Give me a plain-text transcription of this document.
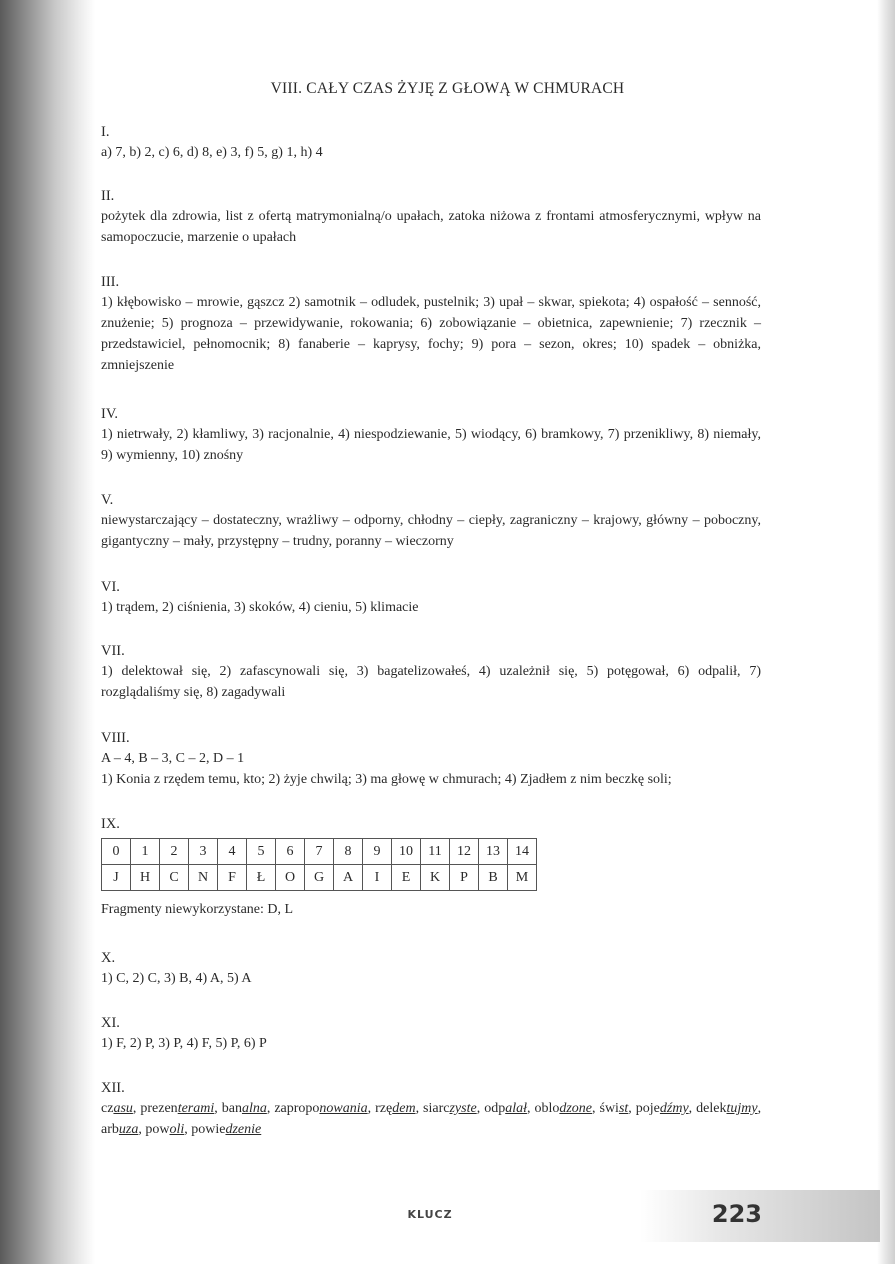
VIII. CAŁY CZAS ŻYJĘ Z GŁOWĄ W CHMURACH
I.

a) 7, b) 2, c) 6, d) 8, e) 3, f) 5, g) 1, h) 4

II.

pożytek dla zdrowia, list z ofertą matrymonialną/o upałach, zatoka niżowa z frontami atmosferycznymi, wpływ na samopoczucie, marzenie o upałach

III.

1) kłębowisko – mrowie, gąszcz 2) samotnik – odludek, pustelnik; 3) upał – skwar, spiekota; 4) ospałość – senność, znużenie; 5) prognoza – przewidywanie, rokowania; 6) zobowiązanie – obietnica, zapewnienie; 7) rzecznik – przedstawiciel, pełnomocnik; 8) fanaberie – kaprysy, fochy; 9) pora – sezon, okres; 10) spadek – obniżka, zmniejszenie

IV.

1) nietrwały, 2) kłamliwy, 3) racjonalnie, 4) niespodziewanie, 5) wiodący, 6) bramkowy, 7) przenikliwy, 8) niemały, 9) wymienny, 10) znośny

V.

niewystarczający – dostateczny, wrażliwy – odporny, chłodny – ciepły, zagraniczny – krajowy, główny – poboczny, gigantyczny – mały, przystępny – trudny, poranny – wieczorny

VI.

1) trądem, 2) ciśnienia, 3) skoków, 4) cieniu, 5) klimacie

VII.

1) delektował się, 2) zafascynowali się, 3) bagatelizowałeś, 4) uzależnił się, 5) potęgował, 6) odpalił, 7) rozglądaliśmy się, 8) zagadywali

VIII.

A – 4, B – 3, C – 2, D – 1

1) Konia z rzędem temu, kto; 2) żyje chwilą; 3) ma głowę w chmurach; 4) Zjadłem z nim beczkę soli;

IX.
0	1	2	3	4	5	6	7	8	9	10	11	12	13	14
J	H	C	N	F	Ł	O	G	A	I	E	K	P	B	M

Fragmenty niewykorzystane: D, L

X.

1) C, 2) C, 3) B, 4) A, 5) A

XI.

1) F, 2) P, 3) P, 4) F, 5) P, 6) P

XII.

czasu, prezenterami, banalna, zaproponowania, rzędem, siarczyste, odpalał, oblodzone, świst, pojedźmy, delektujmy, arbuza, powoli, powiedzenie

KLUCZ	223
